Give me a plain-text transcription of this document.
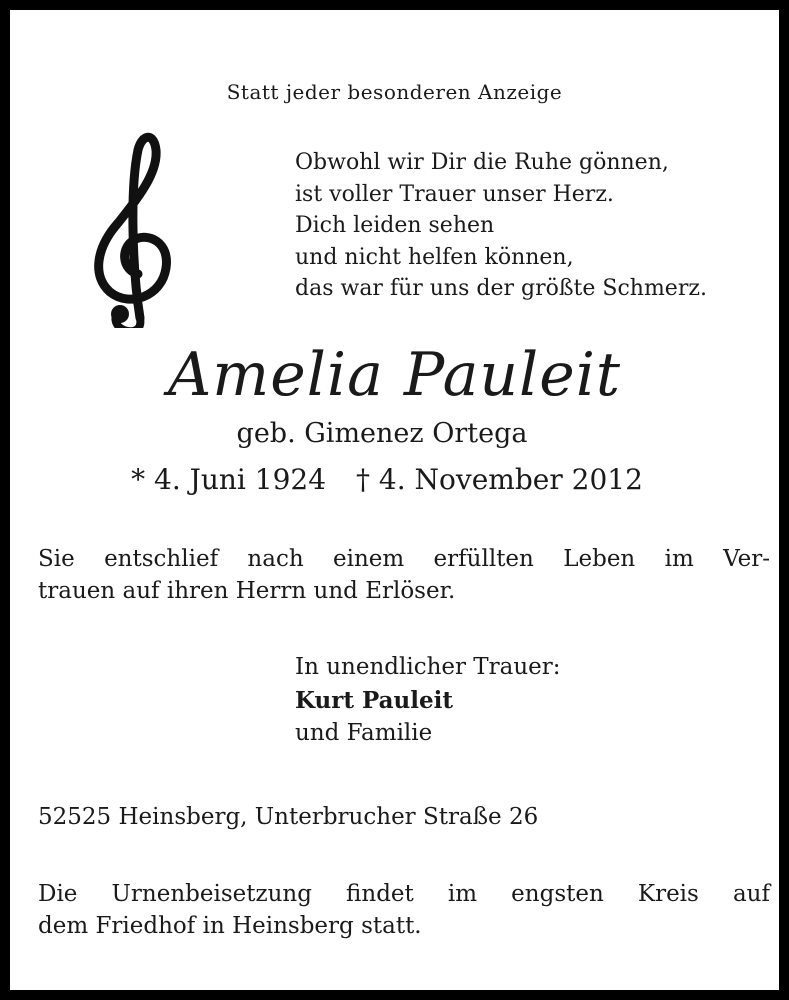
Statt jeder besonderen Anzeige
Obwohl wir Dir die Ruhe gönnen,
ist voller Trauer unser Herz.
Dich leiden sehen
und nicht helfen können,
das war für uns der größte Schmerz.
Amelia Pauleit
geb. Gimenez Ortega
* 4. Juni 1924 † 4. November 2012
Sie entschlief nach einem erfüllten Leben im Ver-
trauen auf ihren Herrn und Erlöser.
In unendlicher Trauer:
Kurt Pauleit
und Familie
52525 Heinsberg, Unterbrucher Straße 26
Die Urnenbeisetzung findet im engsten Kreis auf
dem Friedhof in Heinsberg statt.
